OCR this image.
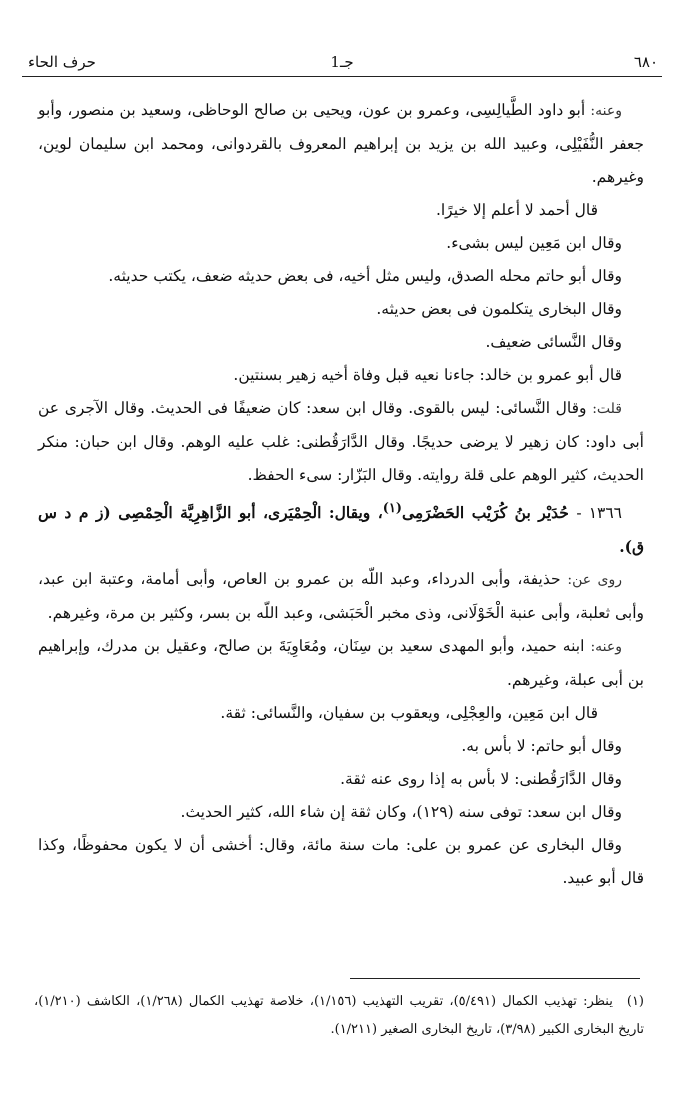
٦٨٠
جـ1
حرف الحاء

وعنه: أبو داود الطَّيالِسِى، وعمرو بن عون، ويحيى بن صالح الوحاظى، وسعيد بن منصور، وأبو جعفر النُّفَيْلِى، وعبيد الله بن يزيد بن إبراهيم المعروف بالقردوانى، ومحمد ابن سليمان لوين، وغيرهم.

قال أحمد لا أعلم إلا خيرًا.

وقال ابن مَعِين ليس بشىء.

وقال أبو حاتم محله الصدق، وليس مثل أخيه، فى بعض حديثه ضعف، يكتب حديثه.

وقال البخارى يتكلمون فى بعض حديثه.

وقال النَّسائى ضعيف.

قال أبو عمرو بن خالد: جاءنا نعيه قبل وفاة أخيه زهير بسنتين.

قلت: وقال النَّسائى: ليس بالقوى. وقال ابن سعد: كان ضعيفًا فى الحديث. وقال الآجرى عن أبى داود: كان زهير لا يرضى حديجًا. وقال الدَّارَقُطنى: غلب عليه الوهم. وقال ابن حبان: منكر الحديث، كثير الوهم على قلة روايته. وقال البَزّار: سىء الحفظ.

١٣٦٦ - حُدَيْر بنُ كُرَيْب الحَضْرَمِى$^{(١)}$، ويقال: الْحِمْيَرى، أبو الزَّاهِرِيَّة الْحِمْصِى (ز م د س ق).

روى عن: حذيفة، وأبى الدرداء، وعبد اللّه بن عمرو بن العاص، وأبى أمامة، وعتبة ابن عبد، وأبى ثعلبة، وأبى عنبة الْخَوْلَانى، وذى مخبر الْحَبَشى، وعبد اللّه بن بسر، وكثير بن مرة، وغيرهم.

وعنه: ابنه حميد، وأبو المهدى سعيد بن سِنَان، ومُعَاوِيَةَ بن صالح، وعقيل بن مدرك، وإبراهيم بن أبى عبلة، وغيرهم.

قال ابن مَعِين، والعِجْلِى، ويعقوب بن سفيان، والنَّسائى: ثقة.

وقال أبو حاتم: لا بأس به.

وقال الدَّارَقُطنى: لا بأس به إذا روى عنه ثقة.

وقال ابن سعد: توفى سنه (١٢٩)، وكان ثقة إن شاء الله، كثير الحديث.

وقال البخارى عن عمرو بن على: مات سنة مائة، وقال: أخشى أن لا يكون محفوظًا، وكذا قال أبو عبيد.

(١)ينظر: تهذيب الكمال (٥/٤٩١)، تقريب التهذيب (١/١٥٦)، خلاصة تهذيب الكمال (١/٢٦٨)، الكاشف (١/٢١٠)، تاريخ البخارى الكبير (٣/٩٨)، تاريخ البخارى الصغير (١/٢١١).
